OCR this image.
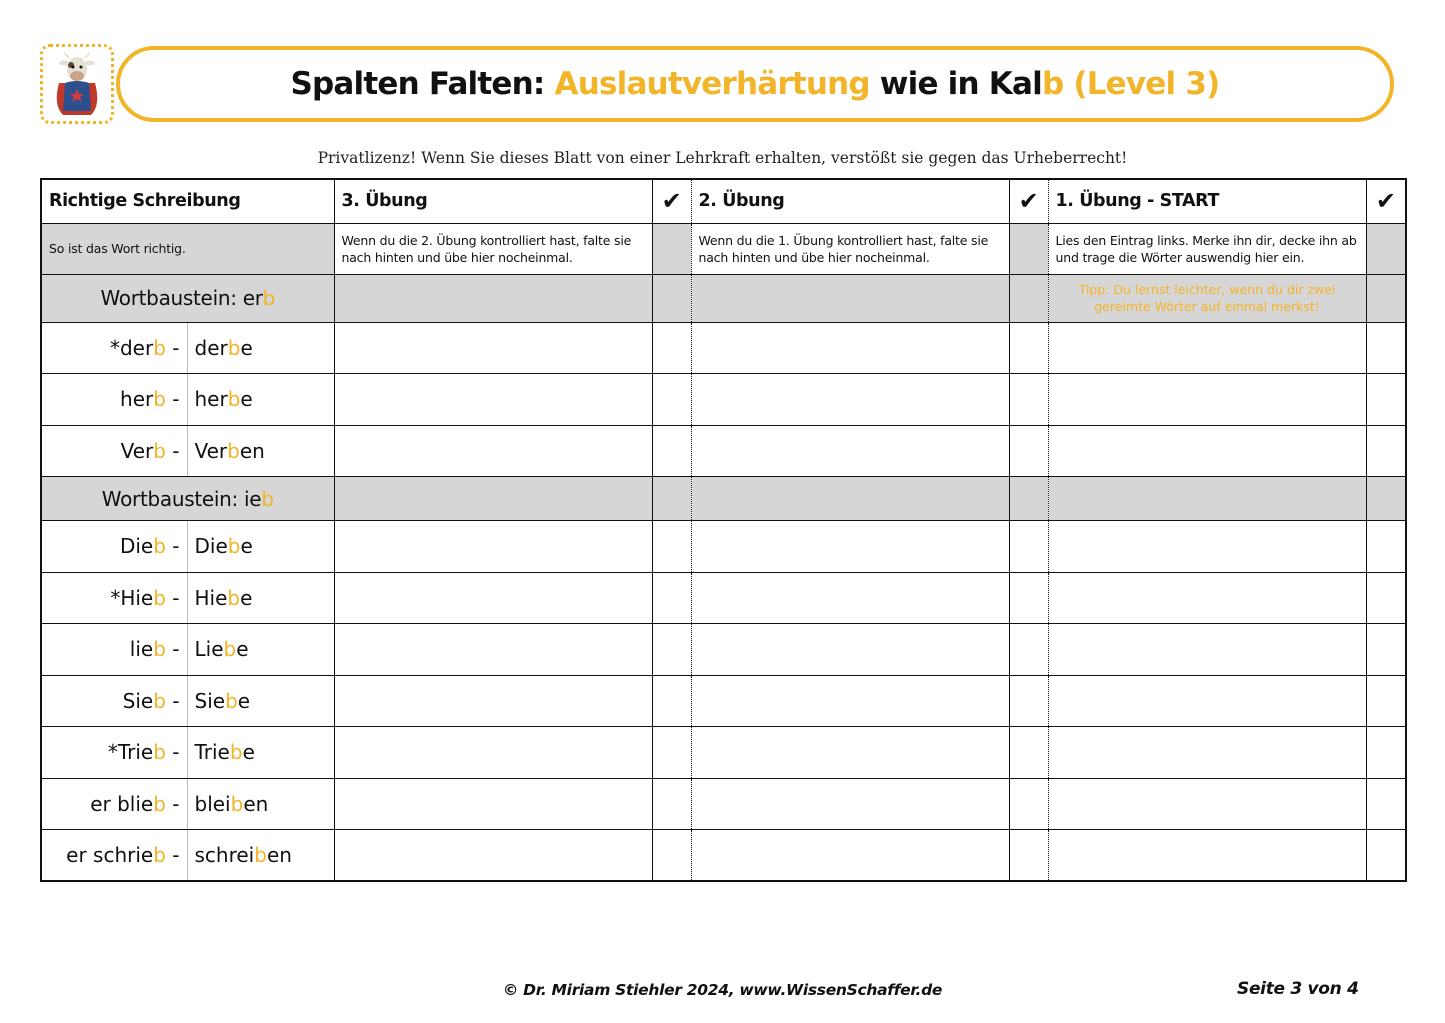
Spalten Falten: Auslautverhärtung wie in Kalb (Level 3)
Privatlizenz! Wenn Sie dieses Blatt von einer Lehrkraft erhalten, verstößt sie gegen das Urheberrecht!
Richtige Schreibung		3. Übung	✔	2. Übung	✔	1. Übung - START	✔
So ist das Wort richtig.		Wenn du die 2. Übung kontrolliert hast, falte sie nach hinten und übe hier nocheinmal.		Wenn du die 1. Übung kontrolliert hast, falte sie nach hinten und übe hier nocheinmal.		Lies den Eintrag links. Merke ihn dir, decke ihn ab und trage die Wörter auswendig hier ein.	
Wortbaustein: erb						Tipp: Du lernst leichter, wenn du dir zwei gereimte Wörter auf einmal merkst!	

*derb -	derbe						
herb -	herbe						
Verb -	Verben						
Wortbaustein: ieb							
Dieb -	Diebe						
*Hieb -	Hiebe						
lieb -	Liebe						
Sieb -	Siebe						
*Trieb -	Triebe						
er blieb -	bleiben						
er schrieb -	schreiben						
© Dr. Miriam Stiehler 2024, www.WissenSchaffer.de	Seite 3 von 4
